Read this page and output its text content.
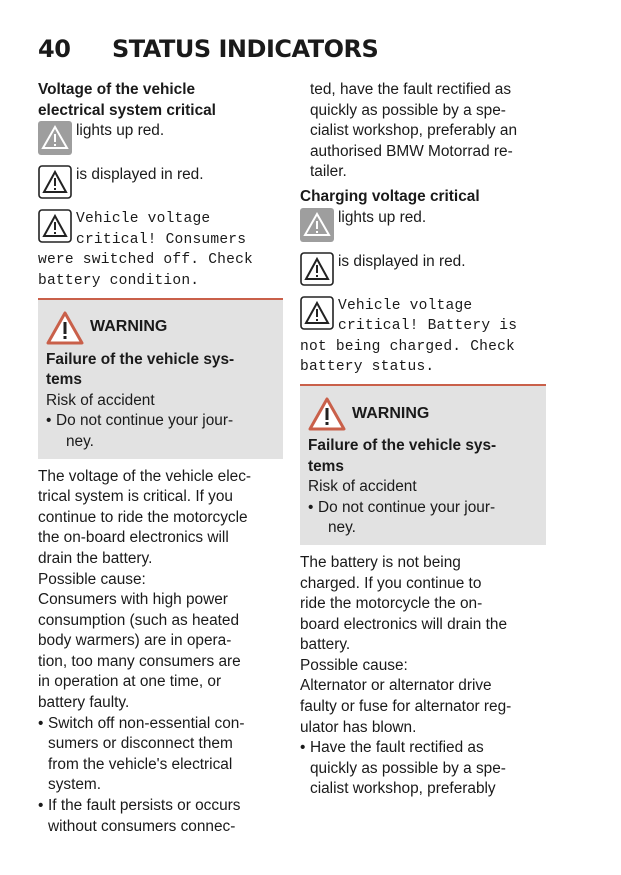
40	STATUS INDICATORS

Voltage of the vehicle
electrical system critical

lights up red.
is displayed in red.
Vehicle voltage
critical! Consumers
were switched off. Check
battery condition.
WARNING

Failure of the vehicle sys-
tems

Risk of accident

• Do not continue your jour-
ney.

The voltage of the vehicle elec-
trical system is critical. If you
continue to ride the motorcycle
the on-board electronics will
drain the battery.
Possible cause:
Consumers with high power
consumption (such as heated
body warmers) are in opera-
tion, too many consumers are
in operation at one time, or
battery faulty.

• Switch off non-essential con-
sumers or disconnect them
from the vehicle's electrical
system.
• If the fault persists or occurs
without consumers connec-
ted, have the fault rectified as
quickly as possible by a spe-
cialist workshop, preferably an
authorised BMW Motorrad re-
tailer.

Charging voltage critical

lights up red.
is displayed in red.
Vehicle voltage
critical! Battery is
not being charged. Check
battery status.
WARNING

Failure of the vehicle sys-
tems

Risk of accident

• Do not continue your jour-
ney.

The battery is not being
charged. If you continue to
ride the motorcycle the on-
board electronics will drain the
battery.
Possible cause:
Alternator or alternator drive
faulty or fuse for alternator reg-
ulator has blown.

• Have the fault rectified as
quickly as possible by a spe-
cialist workshop, preferably
